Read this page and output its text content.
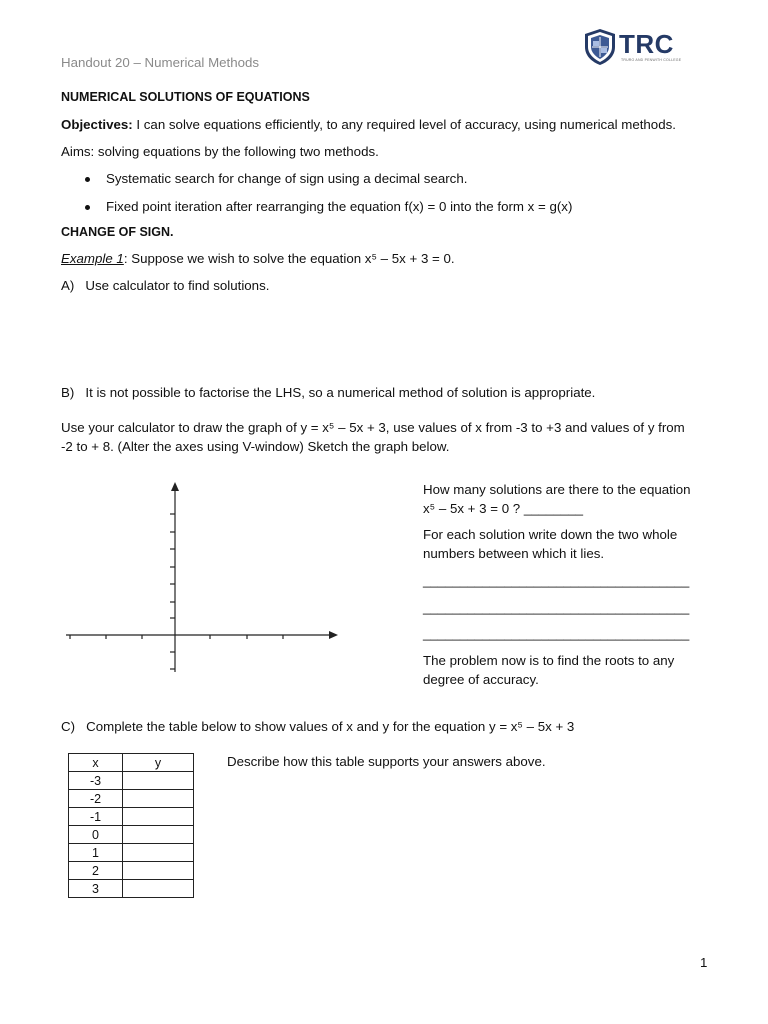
Handout 20 – Numerical Methods
TRC
TRURO AND PENWITH COLLEGE
NUMERICAL SOLUTIONS OF EQUATIONS
Objectives: I can solve equations efficiently, to any required level of accuracy, using numerical methods.
Aims: solving equations by the following two methods.
Systematic search for change of sign using a decimal search.
Fixed point iteration after rearranging the equation f(x) = 0 into the form x = g(x)
CHANGE OF SIGN.
Example 1: Suppose we wish to solve the equation x⁵ – 5x + 3 = 0.
A) Use calculator to find solutions.
B) It is not possible to factorise the LHS, so a numerical method of solution is appropriate.
Use your calculator to draw the graph of y = x⁵ – 5x + 3, use values of x from -3 to +3 and values of y from
-2 to + 8. (Alter the axes using V-window) Sketch the graph below.
How many solutions are there to the equation
x⁵ – 5x + 3 = 0 ? ________
For each solution write down the two whole
numbers between which it lies.
____________________________________
____________________________________
____________________________________
The problem now is to find the roots to any
degree of accuracy.
C) Complete the table below to show values of x and y for the equation y = x⁵ – 5x + 3
x	y
-3	
-2	
-1	
0	
1	
2	
3	
Describe how this table supports your answers above.
1
